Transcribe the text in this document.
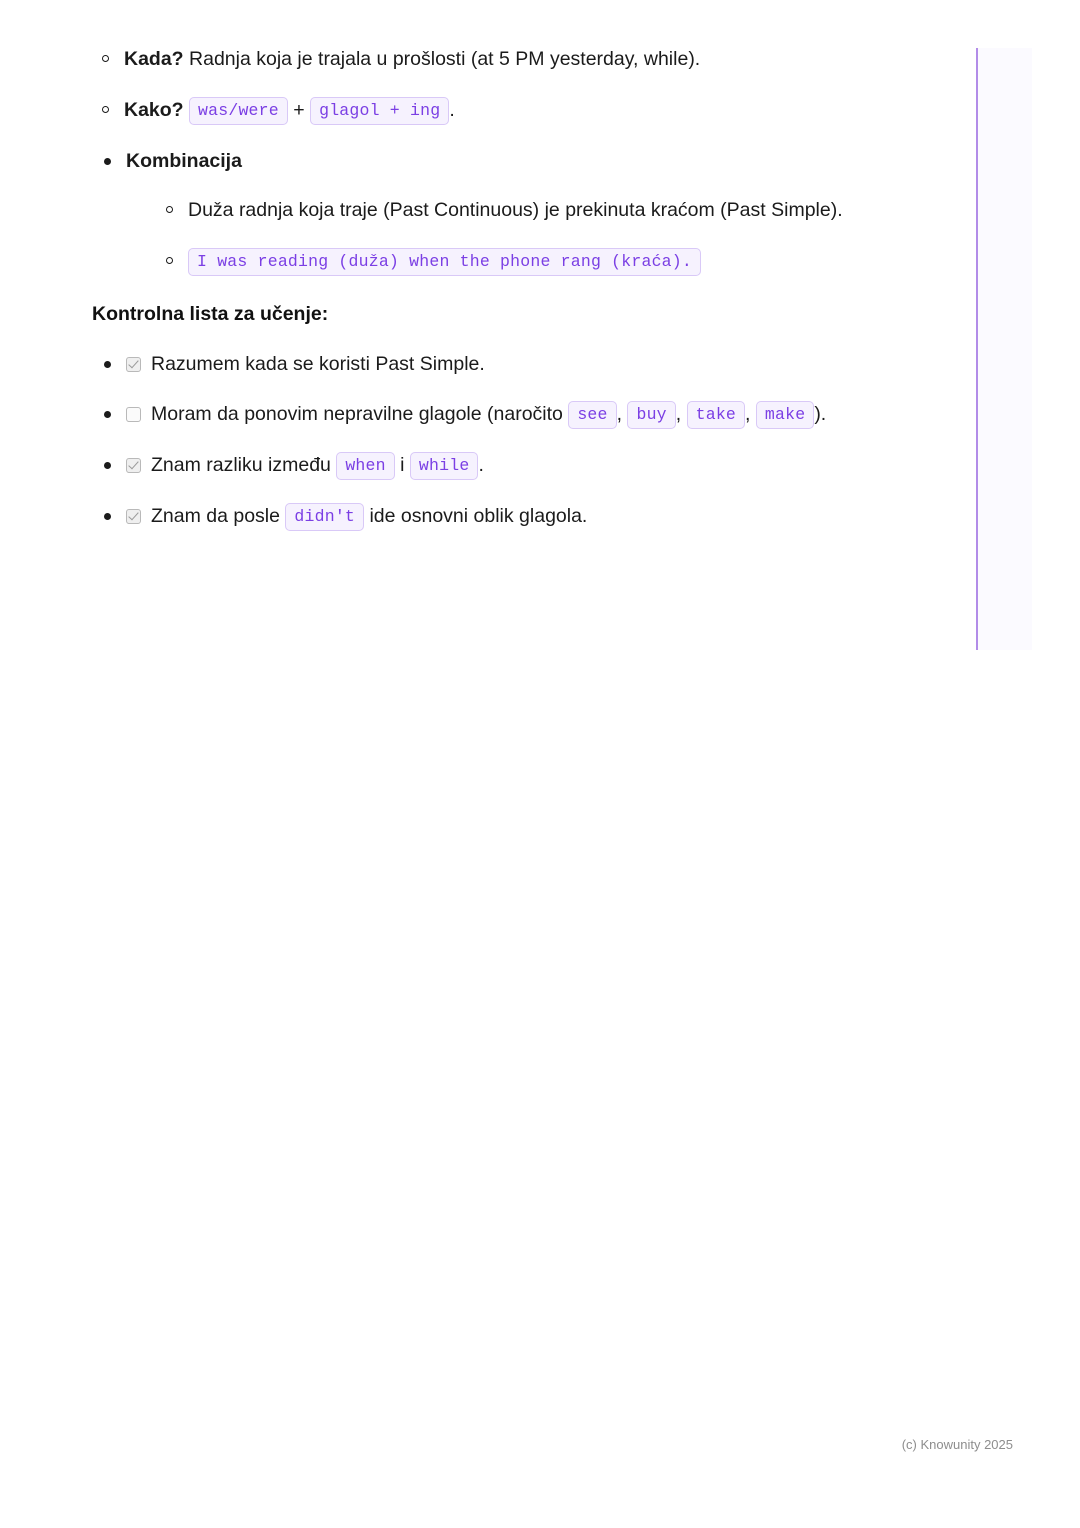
Kada? Radnja koja je trajala u prošlosti (at 5 PM yesterday, while).
Kako? was/were + glagol + ing .
Kombinacija
Duža radnja koja traje (Past Continuous) je prekinuta kraćom (Past Simple).
I was reading (duža) when the phone rang (kraća).
Kontrolna lista za učenje:
Razumem kada se koristi Past Simple.
Moram da ponovim nepravilne glagole (naročito see , buy , take , make ).
Znam razliku između when i while .
Znam da posle didn't ide osnovni oblik glagola.
(c) Knowunity 2025
